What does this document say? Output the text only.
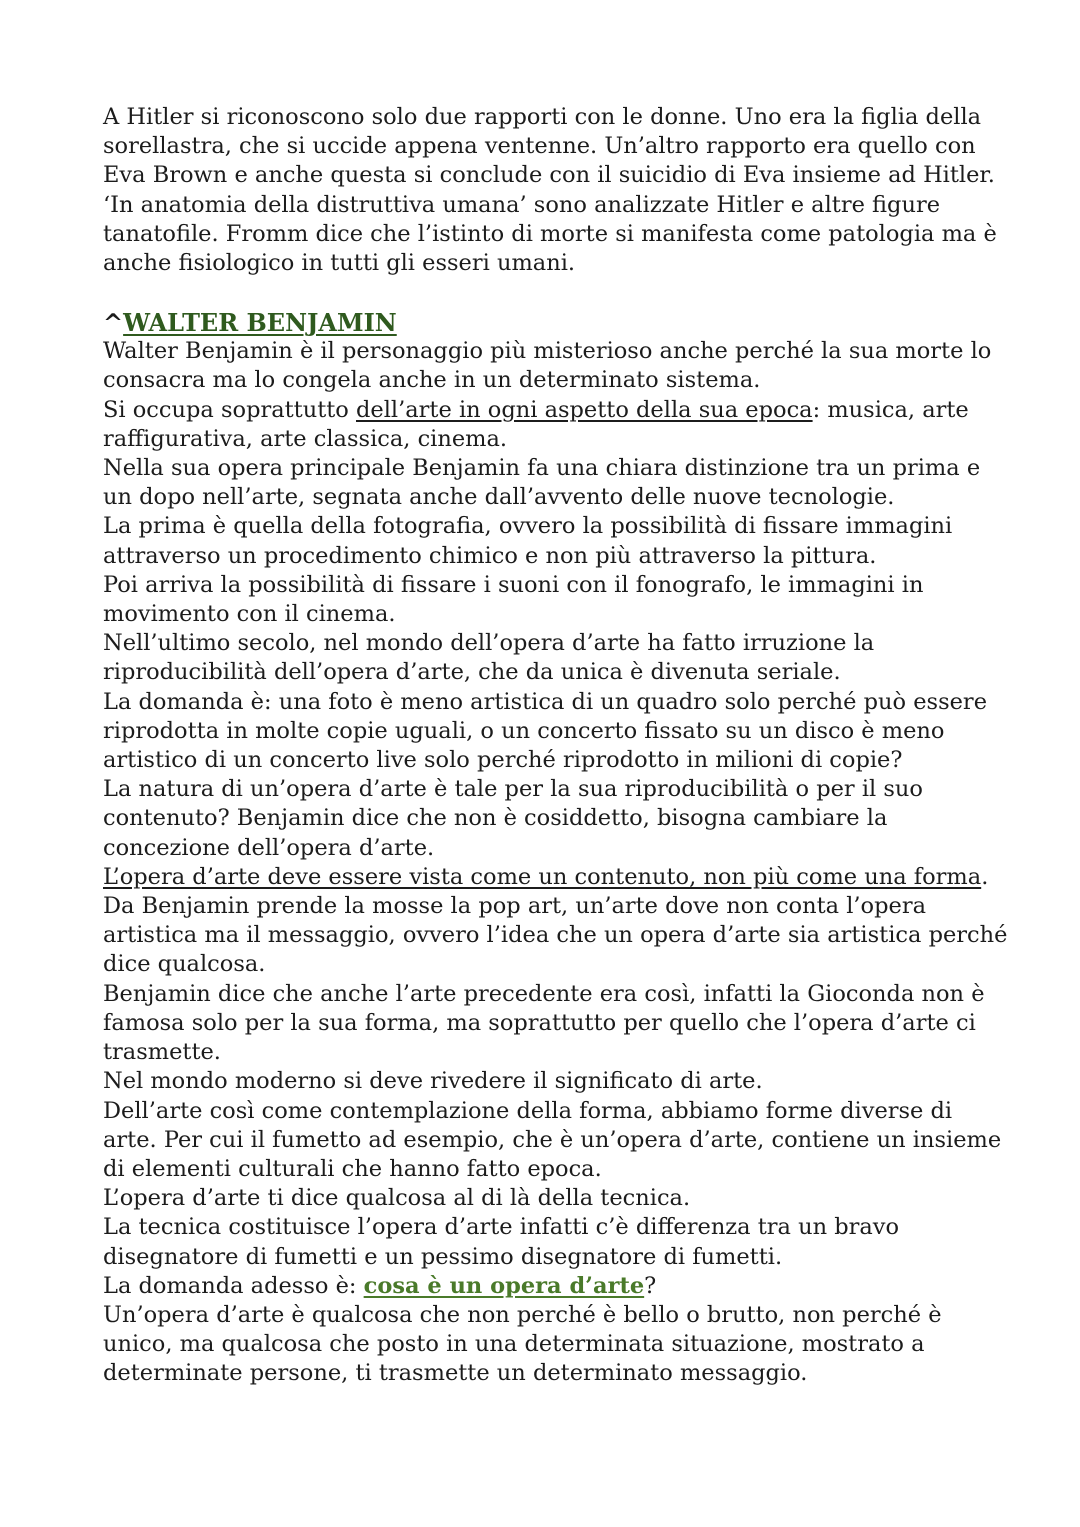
A Hitler si riconoscono solo due rapporti con le donne. Uno era la figlia della
sorellastra, che si uccide appena ventenne. Un’altro rapporto era quello con
Eva Brown e anche questa si conclude con il suicidio di Eva insieme ad Hitler.
‘In anatomia della distruttiva umana’ sono analizzate Hitler e altre figure
tanatofile. Fromm dice che l’istinto di morte si manifesta come patologia ma è
anche fisiologico in tutti gli esseri umani.
^WALTER BENJAMIN
Walter Benjamin è il personaggio più misterioso anche perché la sua morte lo
consacra ma lo congela anche in un determinato sistema.
Si occupa soprattutto dell’arte in ogni aspetto della sua epoca: musica, arte
raffigurativa, arte classica, cinema.
Nella sua opera principale Benjamin fa una chiara distinzione tra un prima e
un dopo nell’arte, segnata anche dall’avvento delle nuove tecnologie.
La prima è quella della fotografia, ovvero la possibilità di fissare immagini
attraverso un procedimento chimico e non più attraverso la pittura.
Poi arriva la possibilità di fissare i suoni con il fonografo, le immagini in
movimento con il cinema.
Nell’ultimo secolo, nel mondo dell’opera d’arte ha fatto irruzione la
riproducibilità dell’opera d’arte, che da unica è divenuta seriale.
La domanda è: una foto è meno artistica di un quadro solo perché può essere
riprodotta in molte copie uguali, o un concerto fissato su un disco è meno
artistico di un concerto live solo perché riprodotto in milioni di copie?
La natura di un’opera d’arte è tale per la sua riproducibilità o per il suo
contenuto? Benjamin dice che non è cosiddetto, bisogna cambiare la
concezione dell’opera d’arte.
L’opera d’arte deve essere vista come un contenuto, non più come una forma.
Da Benjamin prende la mosse la pop art, un’arte dove non conta l’opera
artistica ma il messaggio, ovvero l’idea che un opera d’arte sia artistica perché
dice qualcosa.
Benjamin dice che anche l’arte precedente era così, infatti la Gioconda non è
famosa solo per la sua forma, ma soprattutto per quello che l’opera d’arte ci
trasmette.
Nel mondo moderno si deve rivedere il significato di arte.
Dell’arte così come contemplazione della forma, abbiamo forme diverse di
arte. Per cui il fumetto ad esempio, che è un’opera d’arte, contiene un insieme
di elementi culturali che hanno fatto epoca.
L’opera d’arte ti dice qualcosa al di là della tecnica.
La tecnica costituisce l’opera d’arte infatti c’è differenza tra un bravo
disegnatore di fumetti e un pessimo disegnatore di fumetti.
La domanda adesso è: cosa è un opera d’arte?
Un’opera d’arte è qualcosa che non perché è bello o brutto, non perché è
unico, ma qualcosa che posto in una determinata situazione, mostrato a
determinate persone, ti trasmette un determinato messaggio.
